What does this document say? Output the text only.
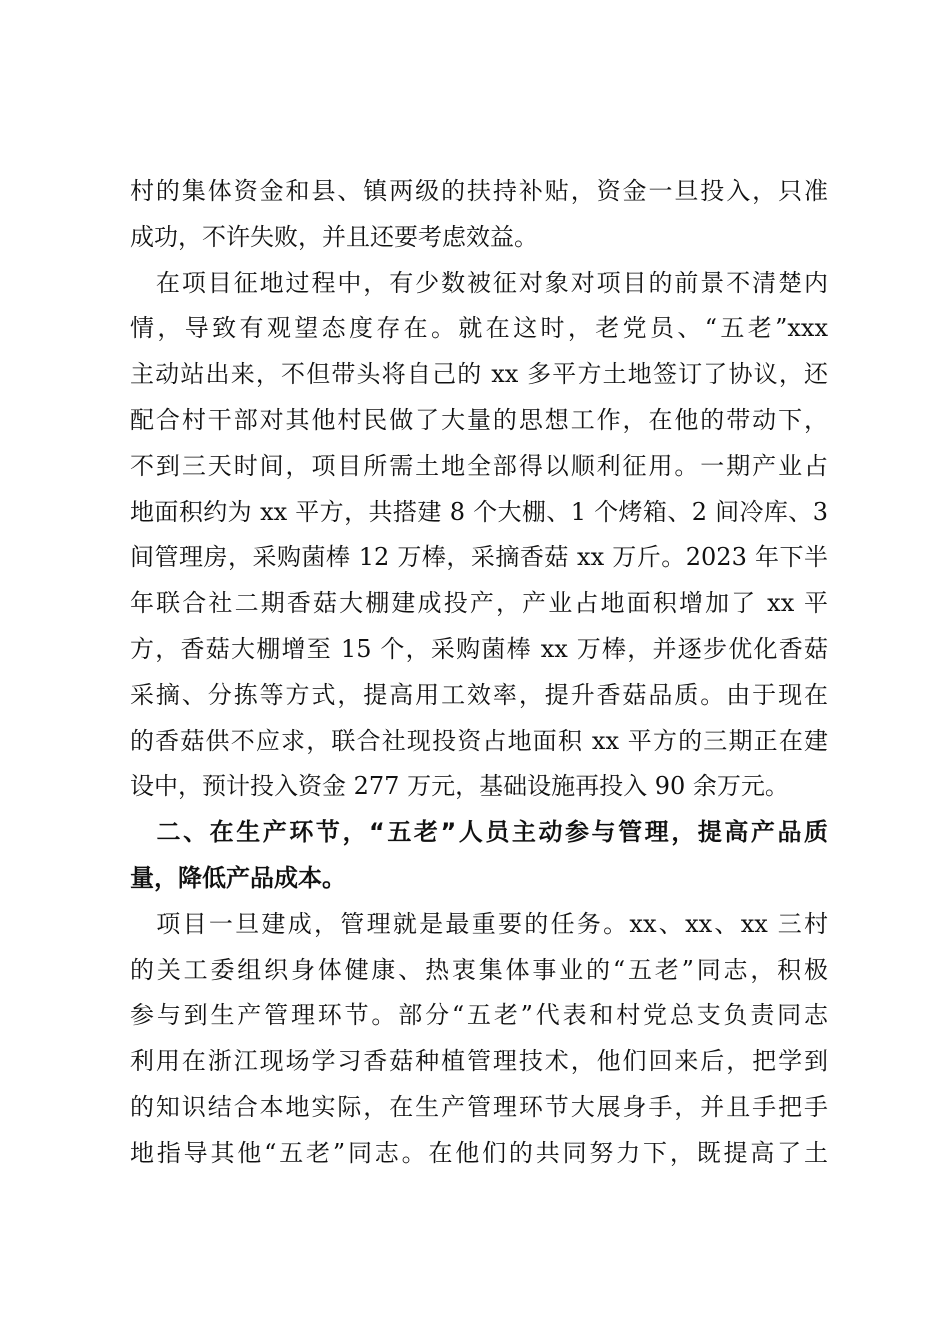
村的集体资金和县、镇两级的扶持补贴，资金一旦投入，只准
成功，不许失败，并且还要考虑效益。
　在项目征地过程中，有少数被征对象对项目的前景不清楚内
情，导致有观望态度存在。就在这时，老党员、“五老”xxx
主动站出来，不但带头将自己的 xx 多平方土地签订了协议，还
配合村干部对其他村民做了大量的思想工作，在他的带动下，
不到三天时间，项目所需土地全部得以顺利征用。一期产业占
地面积约为 xx 平方，共搭建 8 个大棚、1 个烤箱、2 间冷库、3
间管理房，采购菌棒 12 万棒，采摘香菇 xx 万斤。2023 年下半
年联合社二期香菇大棚建成投产，产业占地面积增加了 xx 平
方，香菇大棚增至 15 个，采购菌棒 xx 万棒，并逐步优化香菇
采摘、分拣等方式，提高用工效率，提升香菇品质。由于现在
的香菇供不应求，联合社现投资占地面积 xx 平方的三期正在建
设中，预计投入资金 277 万元，基础设施再投入 90 余万元。
　二、在生产环节，“五老”人员主动参与管理，提高产品质
量，降低产品成本。
　项目一旦建成，管理就是最重要的任务。xx、xx、xx 三村
的关工委组织身体健康、热衷集体事业的“五老”同志，积极
参与到生产管理环节。部分“五老”代表和村党总支负责同志
利用在浙江现场学习香菇种植管理技术，他们回来后，把学到
的知识结合本地实际，在生产管理环节大展身手，并且手把手
地指导其他“五老”同志。在他们的共同努力下，既提高了土
